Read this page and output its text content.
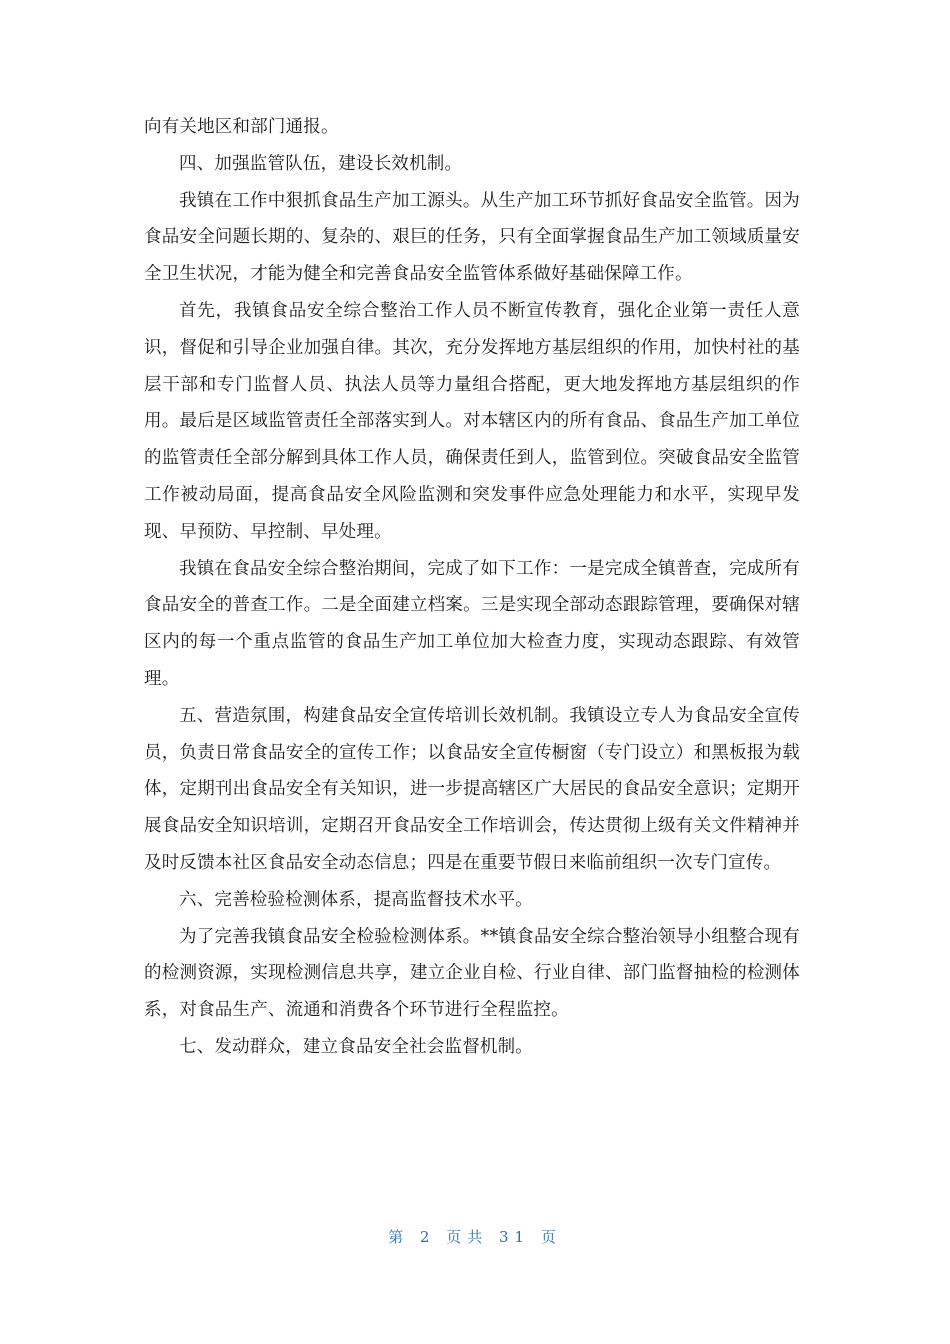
向有关地区和部门通报。

四、加强监管队伍，建设长效机制。

我镇在工作中狠抓食品生产加工源头。从生产加工环节抓好食品安全监管。因为食品安全问题长期的、复杂的、艰巨的任务，只有全面掌握食品生产加工领域质量安全卫生状况，才能为健全和完善食品安全监管体系做好基础保障工作。

首先，我镇食品安全综合整治工作人员不断宣传教育，强化企业第一责任人意识，督促和引导企业加强自律。其次，充分发挥地方基层组织的作用，加快村社的基层干部和专门监督人员、执法人员等力量组合搭配，更大地发挥地方基层组织的作用。最后是区域监管责任全部落实到人。对本辖区内的所有食品、食品生产加工单位的监管责任全部分解到具体工作人员，确保责任到人，监管到位。突破食品安全监管工作被动局面，提高食品安全风险监测和突发事件应急处理能力和水平，实现早发现、早预防、早控制、早处理。

我镇在食品安全综合整治期间，完成了如下工作：一是完成全镇普查，完成所有食品安全的普查工作。二是全面建立档案。三是实现全部动态跟踪管理，要确保对辖区内的每一个重点监管的食品生产加工单位加大检查力度，实现动态跟踪、有效管理。

五、营造氛围，构建食品安全宣传培训长效机制。我镇设立专人为食品安全宣传员，负责日常食品安全的宣传工作；以食品安全宣传橱窗（专门设立）和黑板报为载体，定期刊出食品安全有关知识，进一步提高辖区广大居民的食品安全意识；定期开展食品安全知识培训，定期召开食品安全工作培训会，传达贯彻上级有关文件精神并及时反馈本社区食品安全动态信息；四是在重要节假日来临前组织一次专门宣传。

六、完善检验检测体系，提高监督技术水平。

为了完善我镇食品安全检验检测体系。**镇食品安全综合整治领导小组整合现有的检测资源，实现检测信息共享，建立企业自检、行业自律、部门监督抽检的检测体系，对食品生产、流通和消费各个环节进行全程监控。

七、发动群众，建立食品安全社会监督机制。

第 2 页共 31 页
